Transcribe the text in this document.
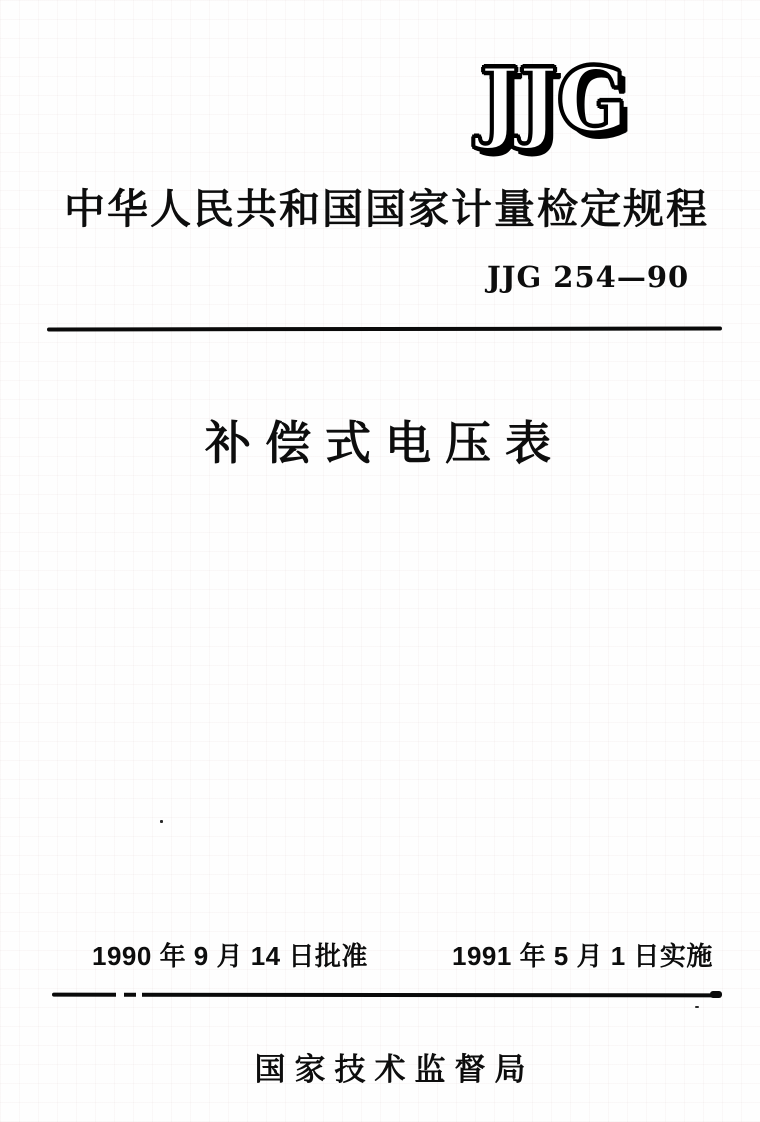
JJG
中华人民共和国国家计量检定规程
JJG 254—90
补偿式电压表
1990 年 9 月 14 日批准	1991 年 5 月 1 日实施
国家技术监督局
